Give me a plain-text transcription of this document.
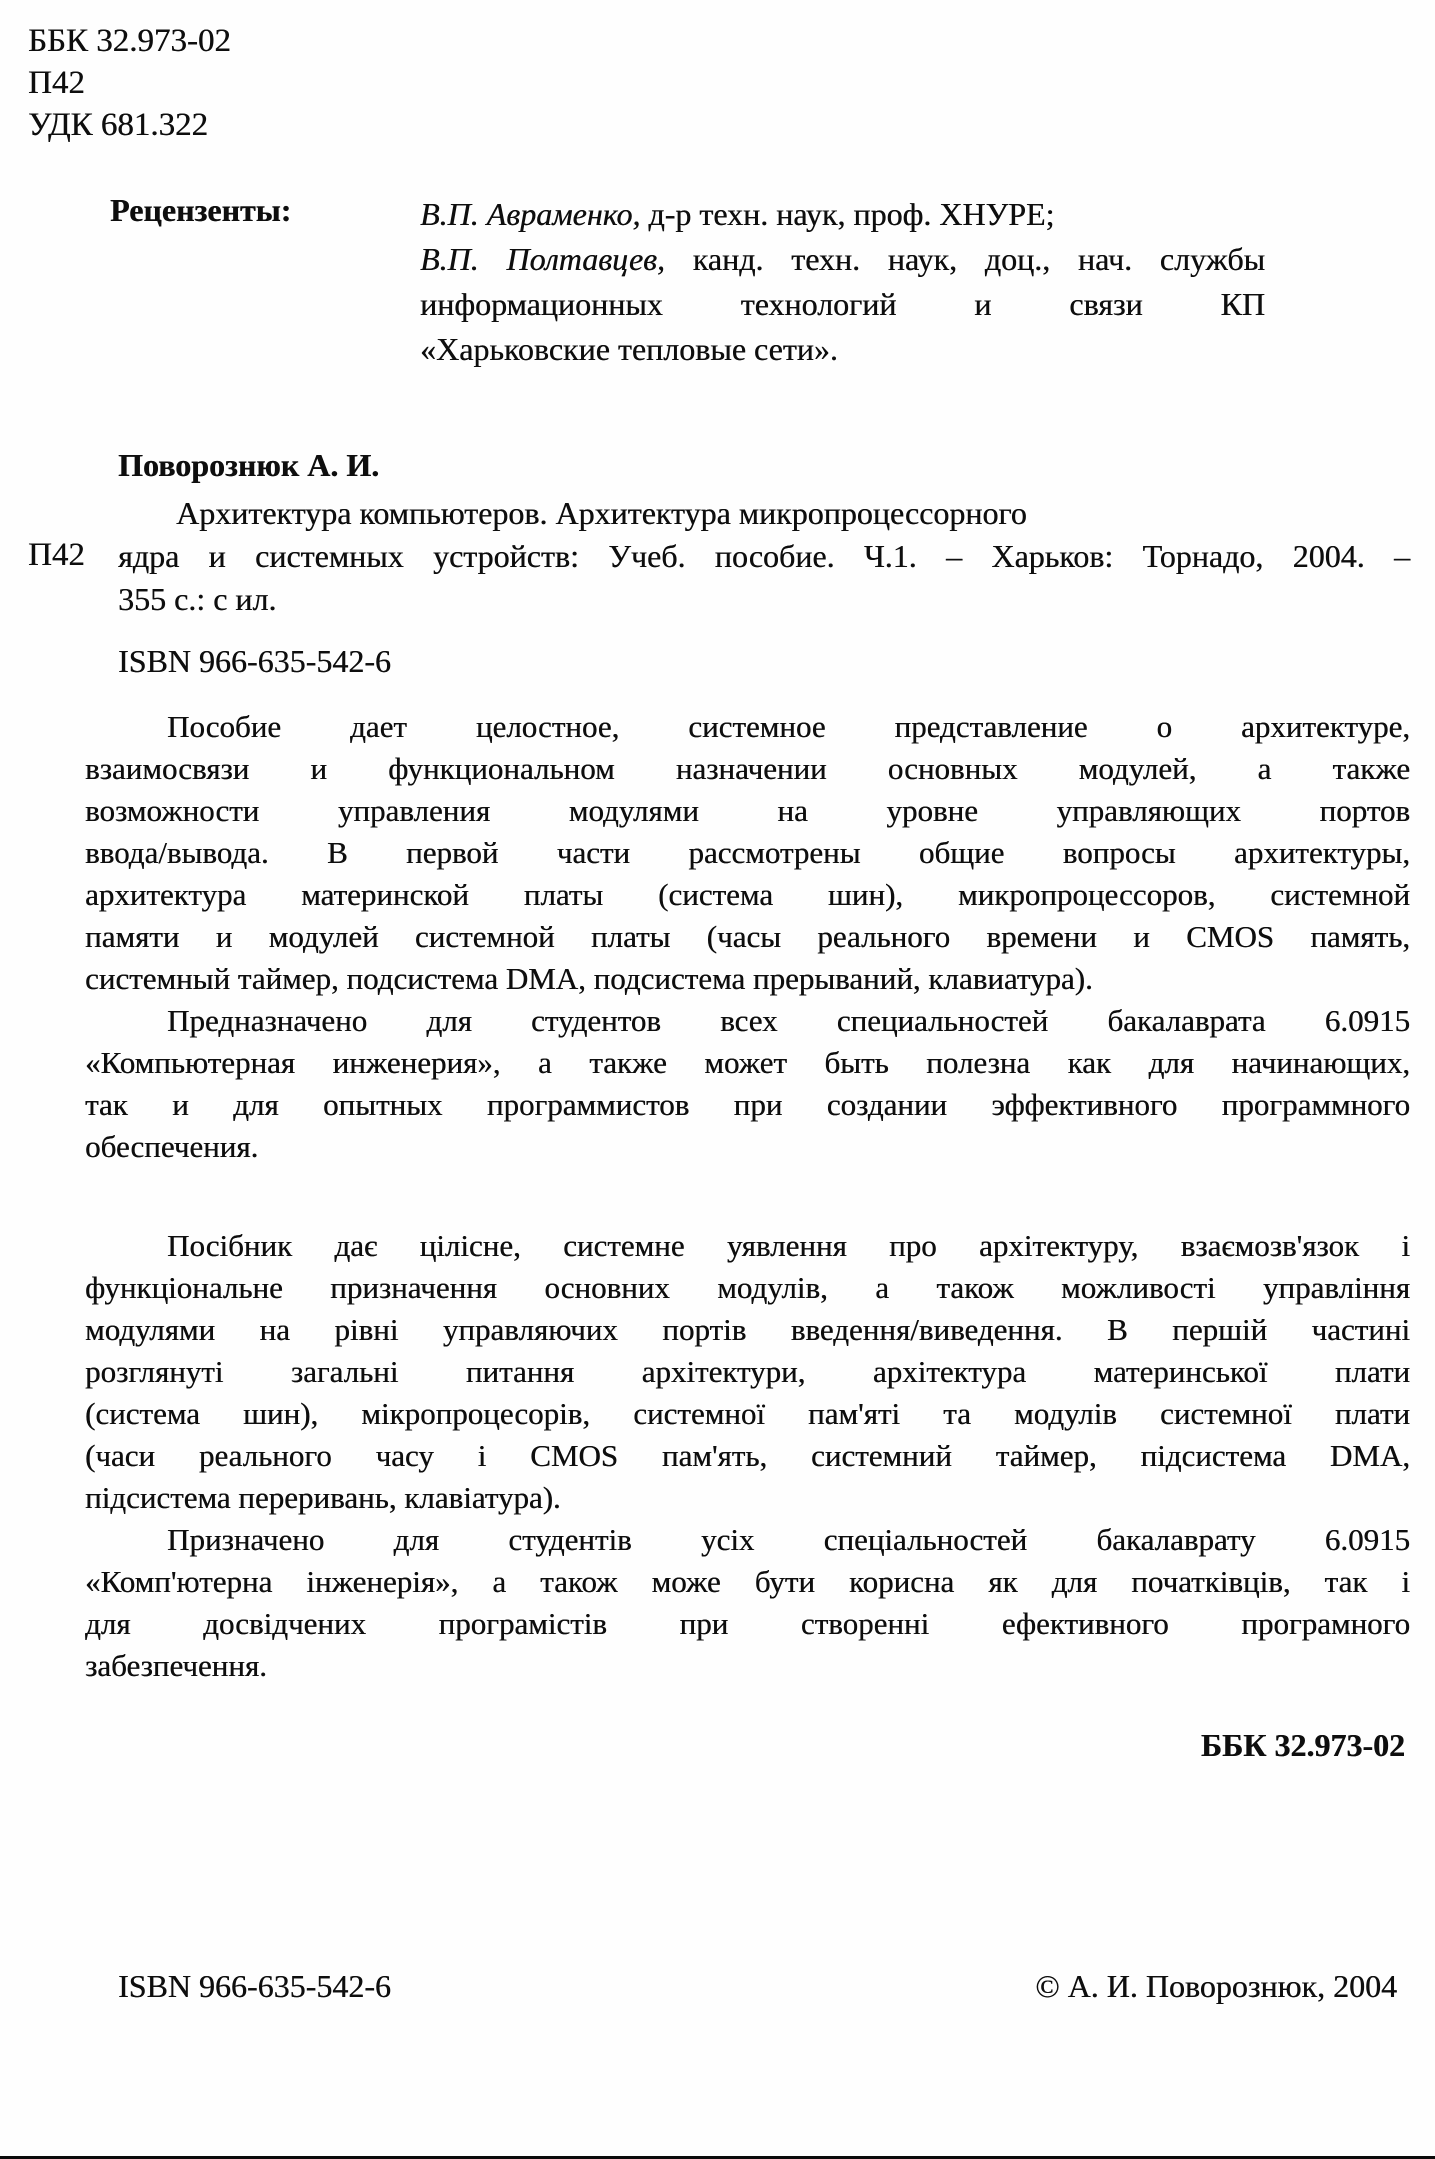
ББК 32.973-02
П42
УДК 681.322
Рецензенты:	В.П. Авраменко, д-р техн. наук, проф. ХНУРЕ;
В.П. Полтавцев, канд. техн. наук, доц., нач. службы
информационных технологий и связи КП
«Харьковские тепловые сети».
Поворознюк А. И.
П42
Архитектура компьютеров. Архитектура микропроцессорного
ядра и системных устройств: Учеб. пособие. Ч.1. – Харьков: Торнадо, 2004. –
355 с.: с ил.
ISBN 966-635-542-6
Пособие дает целостное, системное представление о архитектуре,
взаимосвязи и функциональном назначении основных модулей, а также
возможности управления модулями на уровне управляющих портов
ввода/вывода. В первой части рассмотрены общие вопросы архитектуры,
архитектура материнской платы (система шин), микропроцессоров, системной
памяти и модулей системной платы (часы реального времени и CMOS память,
системный таймер, подсистема DMA, подсистема прерываний, клавиатура).
Предназначено для студентов всех специальностей бакалаврата 6.0915
«Компьютерная инженерия», а также может быть полезна как для начинающих,
так и для опытных программистов при создании эффективного программного
обеспечения.
Посібник дає цілісне, системне уявлення про архітектуру, взаємозв'язок і
функціональне призначення основних модулів, а також можливості управління
модулями на рівні управляючих портів введення/виведення. В першій частині
розглянуті загальні питання архітектури, архітектура материнської плати
(система шин), мікропроцесорів, системної пам'яті та модулів системної плати
(часи реального часу і CMOS пам'ять, системний таймер, підсистема DMA,
підсистема переривань, клавіатура).
Призначено для студентів усіх спеціальностей бакалаврату 6.0915
«Комп'ютерна інженерія», а також може бути корисна як для початківців, так і
для досвідчених програмістів при створенні ефективного програмного
забезпечення.
ББК 32.973-02
ISBN 966-635-542-6	© А. И. Поворознюк, 2004
